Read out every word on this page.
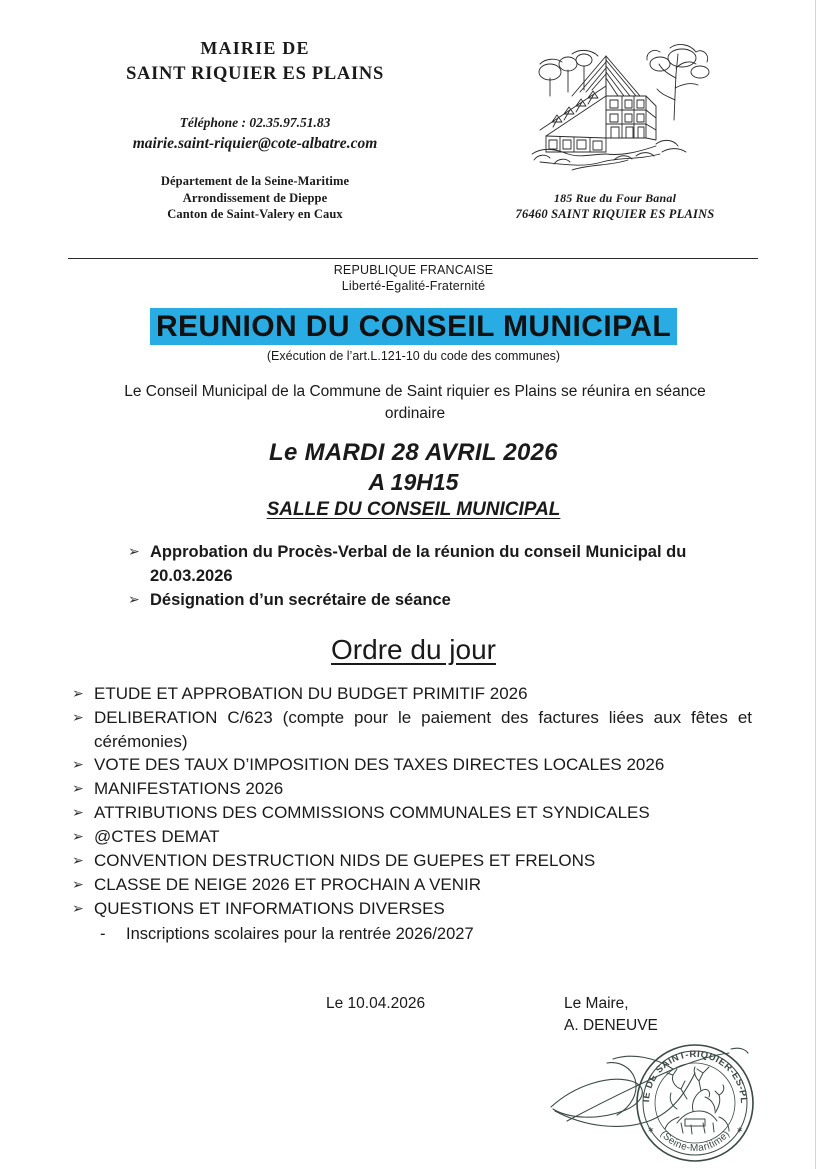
MAIRIE DE
SAINT RIQUIER ES PLAINS
Téléphone : 02.35.97.51.83
mairie.saint-riquier@cote-albatre.com
Département de la Seine-Maritime
Arrondissement de Dieppe
Canton de Saint-Valery en Caux
185 Rue du Four Banal
76460 SAINT RIQUIER ES PLAINS
REPUBLIQUE FRANCAISE
Liberté-Egalité-Fraternité
REUNION DU CONSEIL MUNICIPAL
(Exécution de l’art.L.121-10 du code des communes)
Le Conseil Municipal de la Commune de Saint riquier es Plains se réunira en séance ordinaire
Le MARDI 28 AVRIL 2026
A 19H15
SALLE DU CONSEIL MUNICIPAL
➢ Approbation du Procès-Verbal de la réunion du conseil Municipal du 20.03.2026
➢ Désignation d’un secrétaire de séance
Ordre du jour
➢ ETUDE ET APPROBATION DU BUDGET PRIMITIF 2026
➢ DELIBERATION C/623 (compte pour le paiement des factures liées aux fêtes et cérémonies)
➢ VOTE DES TAUX D’IMPOSITION DES TAXES DIRECTES LOCALES 2026
➢ MANIFESTATIONS 2026
➢ ATTRIBUTIONS DES COMMISSIONS COMMUNALES ET SYNDICALES
➢ @CTES DEMAT
➢ CONVENTION DESTRUCTION NIDS DE GUEPES ET FRELONS
➢ CLASSE DE NEIGE 2026 ET PROCHAIN A VENIR
➢ QUESTIONS ET INFORMATIONS DIVERSES
-	Inscriptions scolaires pour la rentrée 2026/2027
Le 10.04.2026	Le Maire,
A. DENEUVE
MAIRIE DE SAINT-RIQUIER-ES-PLAINS
(Seine-Maritime)
✶	✶
